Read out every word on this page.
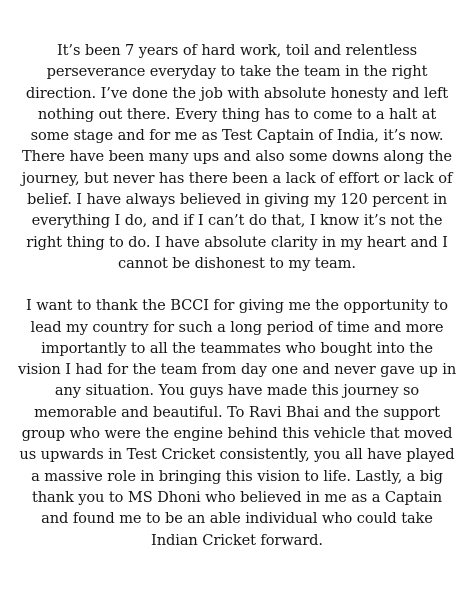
It’s been 7 years of hard work, toil and relentless
perseverance everyday to take the team in the right
direction. I’ve done the job with absolute honesty and left
nothing out there. Every thing has to come to a halt at
some stage and for me as Test Captain of India, it’s now.
There have been many ups and also some downs along the
journey, but never has there been a lack of effort or lack of
belief. I have always believed in giving my 120 percent in
everything I do, and if I can’t do that, I know it’s not the
right thing to do. I have absolute clarity in my heart and I
cannot be dishonest to my team.
I want to thank the BCCI for giving me the opportunity to
lead my country for such a long period of time and more
importantly to all the teammates who bought into the
vision I had for the team from day one and never gave up in
any situation. You guys have made this journey so
memorable and beautiful. To Ravi Bhai and the support
group who were the engine behind this vehicle that moved
us upwards in Test Cricket consistently, you all have played
a massive role in bringing this vision to life. Lastly, a big
thank you to MS Dhoni who believed in me as a Captain
and found me to be an able individual who could take
Indian Cricket forward.
